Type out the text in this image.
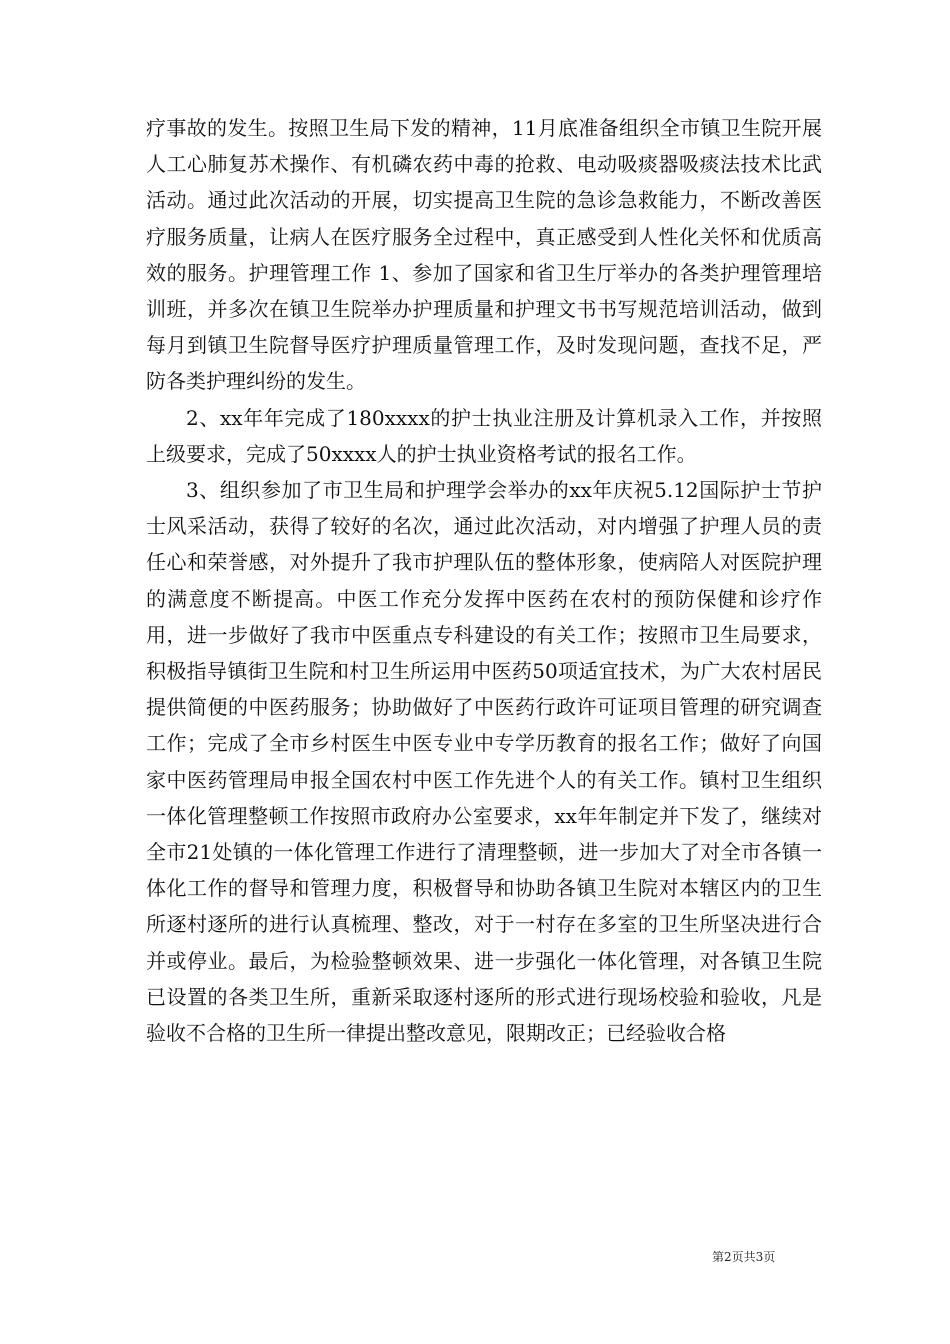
疗事故的发生。按照卫生局下发的精神，11月底准备组织全市镇卫生院开展人工心肺复苏术操作、有机磷农药中毒的抢救、电动吸痰器吸痰法技术比武活动。通过此次活动的开展，切实提高卫生院的急诊急救能力，不断改善医疗服务质量，让病人在医疗服务全过程中，真正感受到人性化关怀和优质高效的服务。护理管理工作 1、参加了国家和省卫生厅举办的各类护理管理培训班，并多次在镇卫生院举办护理质量和护理文书书写规范培训活动，做到每月到镇卫生院督导医疗护理质量管理工作，及时发现问题，查找不足，严防各类护理纠纷的发生。

2、xx年年完成了180xxxx的护士执业注册及计算机录入工作，并按照上级要求，完成了50xxxx人的护士执业资格考试的报名工作。

3、组织参加了市卫生局和护理学会举办的xx年庆祝5.12国际护士节护士风采活动，获得了较好的名次，通过此次活动，对内增强了护理人员的责任心和荣誉感，对外提升了我市护理队伍的整体形象，使病陪人对医院护理的满意度不断提高。中医工作充分发挥中医药在农村的预防保健和诊疗作用，进一步做好了我市中医重点专科建设的有关工作；按照市卫生局要求，积极指导镇街卫生院和村卫生所运用中医药50项适宜技术，为广大农村居民提供简便的中医药服务；协助做好了中医药行政许可证项目管理的研究调查工作；完成了全市乡村医生中医专业中专学历教育的报名工作；做好了向国家中医药管理局申报全国农村中医工作先进个人的有关工作。镇村卫生组织一体化管理整顿工作按照市政府办公室要求，xx年年制定并下发了，继续对全市21处镇的一体化管理工作进行了清理整顿，进一步加大了对全市各镇一体化工作的督导和管理力度，积极督导和协助各镇卫生院对本辖区内的卫生所逐村逐所的进行认真梳理、整改，对于一村存在多室的卫生所坚决进行合并或停业。最后，为检验整顿效果、进一步强化一体化管理，对各镇卫生院已设置的各类卫生所，重新采取逐村逐所的形式进行现场校验和验收，凡是验收不合格的卫生所一律提出整改意见，限期改正；已经验收合格

第2页共3页
